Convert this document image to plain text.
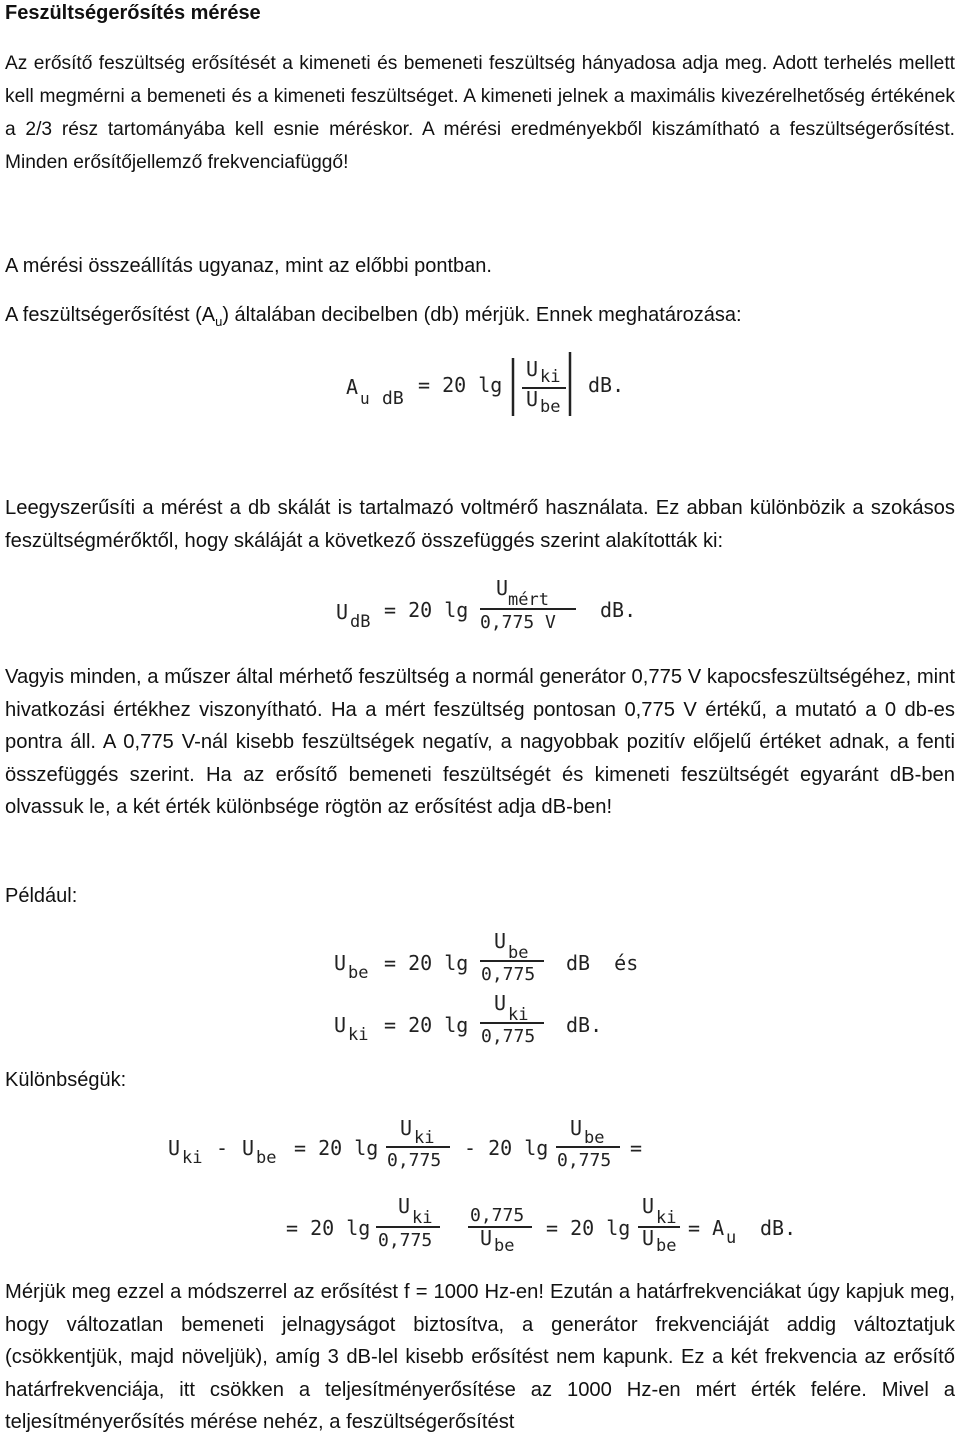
Feszültségerősítés mérése

Az erősítő feszültség erősítését a kimeneti és bemeneti feszültség hányadosa adja meg. Adott terhelés mellett kell megmérni a bemeneti és a kimeneti feszültséget. A kimeneti jelnek a maximális kivezérelhetőség értékének a 2/3 rész tartományába kell esnie méréskor. A mérési eredményekből kiszámítható a feszültségerősítést. Minden erősítőjellemző frekvenciafüggő!

A mérési összeállítás ugyanaz, mint az előbbi pontban.
A feszültségerősítést $(A_u)$ általában decibelben (db) mérjük. Ennek meghatározása:
A u dB
= 20 lg
U ki
U be
dB.

Leegyszerűsíti a mérést a db skálát is tartalmazó voltmérő használata. Ez abban különbözik a szokásos feszültségmérőktől, hogy skáláját a következő összefüggés szerint alakították ki:

U dB = 20 lg
U mért
0,775 V
dB.

Vagyis minden, a műszer által mérhető feszültség a normál generátor 0,775 V kapocsfeszültségéhez, mint hivatkozási értékhez viszonyítható. Ha a mért feszültség pontosan 0,775 V értékű, a mutató a 0 db-es pontra áll. A 0,775 V-nál kisebb feszültségek negatív, a nagyobbak pozitív előjelű értéket adnak, a fenti összefüggés szerint. Ha az erősítő bemeneti feszültségét és kimeneti feszültségét egyaránt dB-ben olvassuk le, a két érték különbsége rögtön az erősítést adja dB-ben!

Például:
U be = 20 lg
U be
0,775 dB  és
U ki = 20 lg
U ki
0,775 dB.
Különbségük:
U ki - U be = 20 lg
U ki
0,775
- 20 lg
U be
0,775
=
= 20 lg
U ki
0,775
0,775
U be
= 20 lg
U ki
U be
= A u dB.

Mérjük meg ezzel a módszerrel az erősítést f = 1000 Hz-en! Ezután a határfrekvenciákat úgy kapjuk meg, hogy változatlan bemeneti jelnagyságot biztosítva, a generátor frekvenciáját addig változtatjuk (csökkentjük, majd növeljük), amíg 3 dB-lel kisebb erősítést nem kapunk. Ez a két frekvencia az erősítő határfrekvenciája, itt csökken a teljesítményerősítése az 1000 Hz-en mért érték felére. Mivel a teljesítményerősítés mérése nehéz, a feszültségerősítést
